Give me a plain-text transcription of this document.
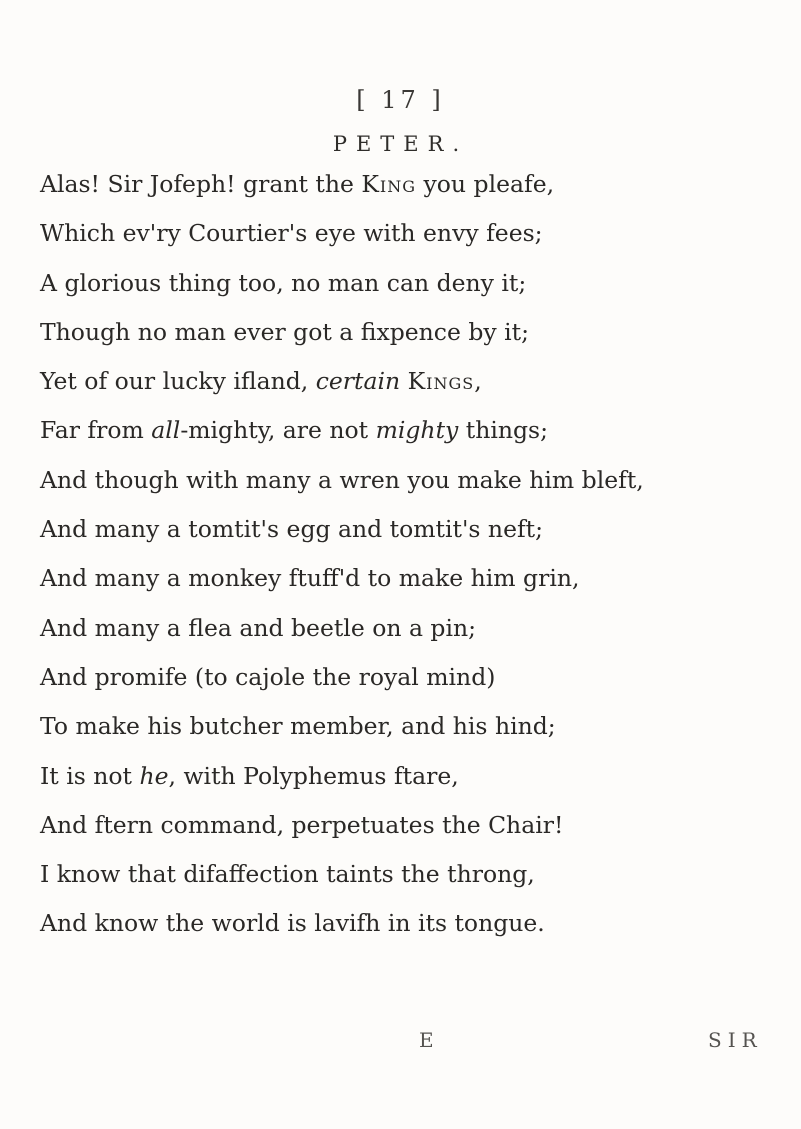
[ 17 ]
PETER.
Alas! Sir Jofeph! grant the King you pleafe,
Which ev'ry Courtier's eye with envy fees;
A glorious thing too, no man can deny it;
Though no man ever got a fixpence by it;
Yet of our lucky ifland, certain Kings,
Far from all-mighty, are not mighty things;
And though with many a wren you make him bleft,
And many a tomtit's egg and tomtit's neft;
And many a monkey ftuff'd to make him grin,
And many a flea and beetle on a pin;
And promife (to cajole the royal mind)
To make his butcher member, and his hind;
It is not he, with Polyphemus ftare,
And ftern command, perpetuates the Chair!
I know that difaffection taints the throng,
And know the world is lavifh in its tongue.
E	SIR
